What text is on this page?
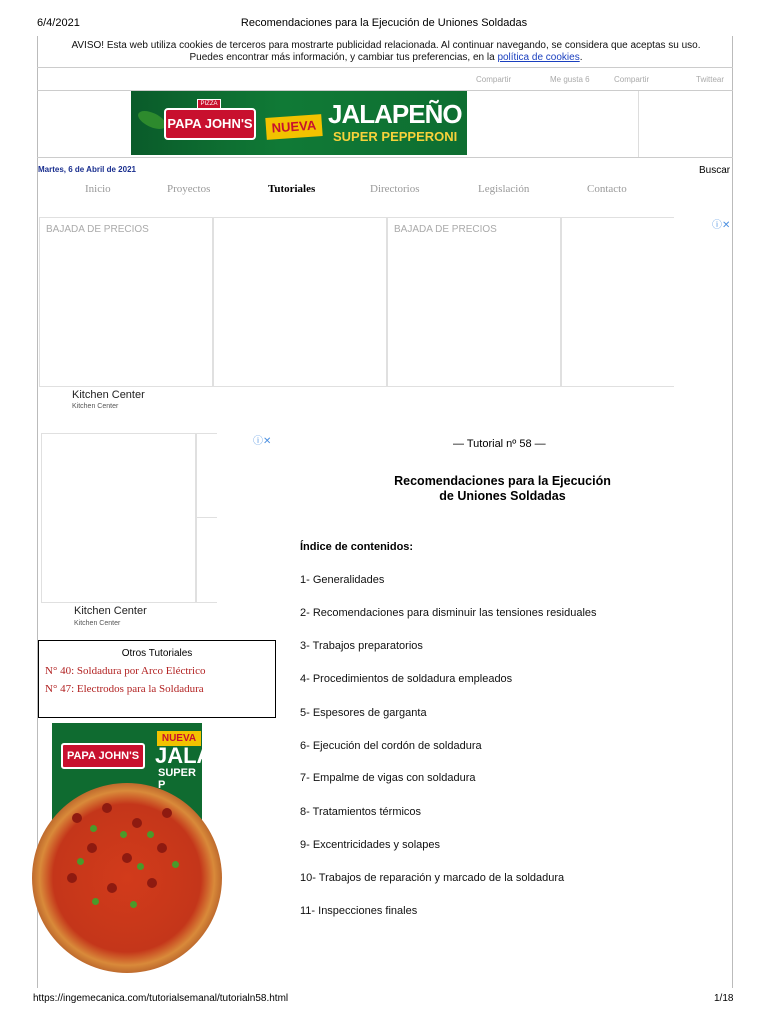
6/4/2021	Recomendaciones para la Ejecución de Uniones Soldadas
AVISO! Esta web utiliza cookies de terceros para mostrarte publicidad relacionada. Al continuar navegando, se considera que aceptas su uso.
Puedes encontrar más información, y cambiar tus preferencias, en la política de cookies.
Compartir	Me gusta 6	Compartir	Twittear
PIZZA
PAPA JOHN'S	NUEVA JALAPEÑO
SUPER PEPPERONI
Martes, 6 de Abril de 2021	Buscar
Inicio	Proyectos	Tutoriales	Directorios	Legislación	Contacto
BAJADA DE PRECIOS	BAJADA DE PRECIOS	ⓘ✕
Kitchen Center
Kitchen Center
ⓘ✕
Kitchen Center
Kitchen Center
Otros Tutoriales
N° 40: Soldadura por Arco Eléctrico
N° 47: Electrodos para la Soldadura
PAPA JOHN'S
NUEVA
JALA
SUPER P
— Tutorial nº 58 —
Recomendaciones para la Ejecución
de Uniones Soldadas
Índice de contenidos:
1- Generalidades
2- Recomendaciones para disminuir las tensiones residuales
3- Trabajos preparatorios
4- Procedimientos de soldadura empleados
5- Espesores de garganta
6- Ejecución del cordón de soldadura
7- Empalme de vigas con soldadura
8- Tratamientos térmicos
9- Excentricidades y solapes
10- Trabajos de reparación y marcado de la soldadura
11- Inspecciones finales
https://ingemecanica.com/tutorialsemanal/tutorialn58.html	1/18
